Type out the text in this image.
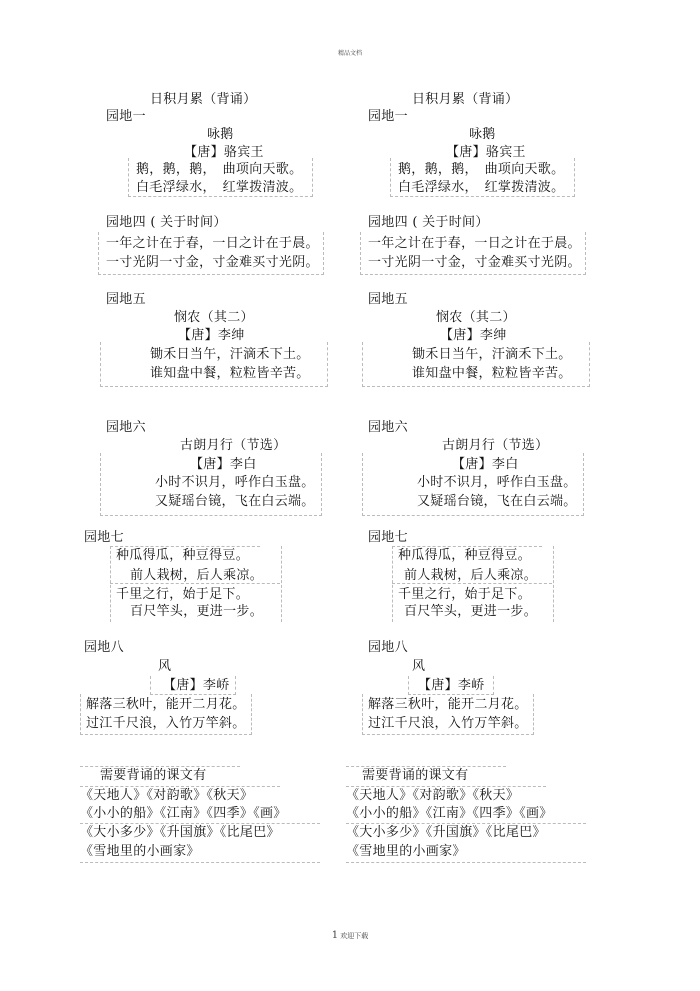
精品文档
日积月累（背诵）
园地一
咏鹅
【唐】骆宾王
鹅，鹅，鹅，　曲项向天歌。
白毛浮绿水，　红掌拨清波。
园地四 ( 关于时间）
一年之计在于春，一日之计在于晨。
一寸光阴一寸金，寸金难买寸光阴。
园地五
悯农（其二）
【唐】李绅
锄禾日当午，汗滴禾下土。
谁知盘中餐，粒粒皆辛苦。
园地六
古朗月行（节选）
【唐】李白
小时不识月，呼作白玉盘。
又疑瑶台镜，飞在白云端。
园地七
种瓜得瓜，种豆得豆。
前人栽树，后人乘凉。
千里之行，始于足下。
百尺竿头，更进一步。
园地八
风
【唐】李峤
解落三秋叶，能开二月花。
过江千尺浪，入竹万竿斜。
需要背诵的课文有
《天地人》《对韵歌》《秋天》
《小小的船》《江南》《四季》《画》
《大小多少》《升国旗》《比尾巴》
《雪地里的小画家》
日积月累（背诵）
园地一
咏鹅
【唐】骆宾王
鹅，鹅，鹅，　曲项向天歌。
白毛浮绿水，　红掌拨清波。
园地四 ( 关于时间）
一年之计在于春，一日之计在于晨。
一寸光阴一寸金，寸金难买寸光阴。
园地五
悯农（其二）
【唐】李绅
锄禾日当午，汗滴禾下土。
谁知盘中餐，粒粒皆辛苦。
园地六
古朗月行（节选）
【唐】李白
小时不识月，呼作白玉盘。
又疑瑶台镜，飞在白云端。
园地七
种瓜得瓜，种豆得豆。
前人栽树，后人乘凉。
千里之行，始于足下。
百尺竿头，更进一步。
园地八
风
【唐】李峤
解落三秋叶，能开二月花。
过江千尺浪，入竹万竿斜。
需要背诵的课文有
《天地人》《对韵歌》《秋天》
《小小的船》《江南》《四季》《画》
《大小多少》《升国旗》《比尾巴》
《雪地里的小画家》
1 欢迎下载
